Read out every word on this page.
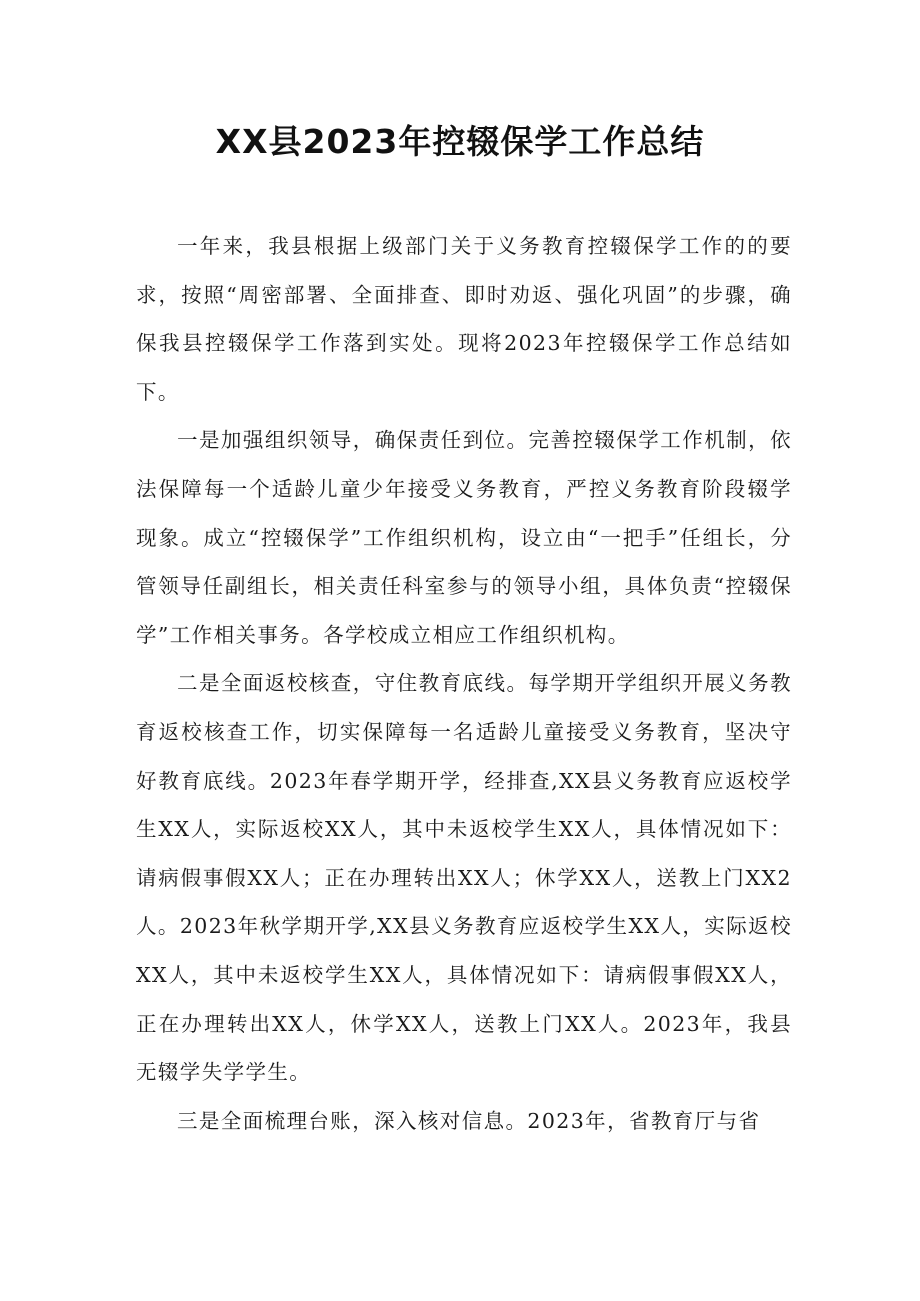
XX县2023年控辍保学工作总结

一年来，我县根据上级部门关于义务教育控辍保学工作的的要求，按照“周密部署、全面排查、即时劝返、强化巩固”的步骤，确保我县控辍保学工作落到实处。现将2023年控辍保学工作总结如下。

一是加强组织领导，确保责任到位。完善控辍保学工作机制，依法保障每一个适龄儿童少年接受义务教育，严控义务教育阶段辍学现象。成立“控辍保学”工作组织机构，设立由“一把手”任组长，分管领导任副组长，相关责任科室参与的领导小组，具体负责“控辍保学”工作相关事务。各学校成立相应工作组织机构。

二是全面返校核查，守住教育底线。每学期开学组织开展义务教育返校核查工作，切实保障每一名适龄儿童接受义务教育，坚决守好教育底线。2023年春学期开学，经排查,XX县义务教育应返校学生XX人，实际返校XX人，其中未返校学生XX人，具体情况如下：请病假事假XX人；正在办理转出XX人；休学XX人，送教上门XX2人。2023年秋学期开学,XX县义务教育应返校学生XX人，实际返校XX人，其中未返校学生XX人，具体情况如下：请病假事假XX人，正在办理转出XX人，休学XX人，送教上门XX人。2023年，我县无辍学失学学生。

三是全面梳理台账，深入核对信息。2023年，省教育厅与省
